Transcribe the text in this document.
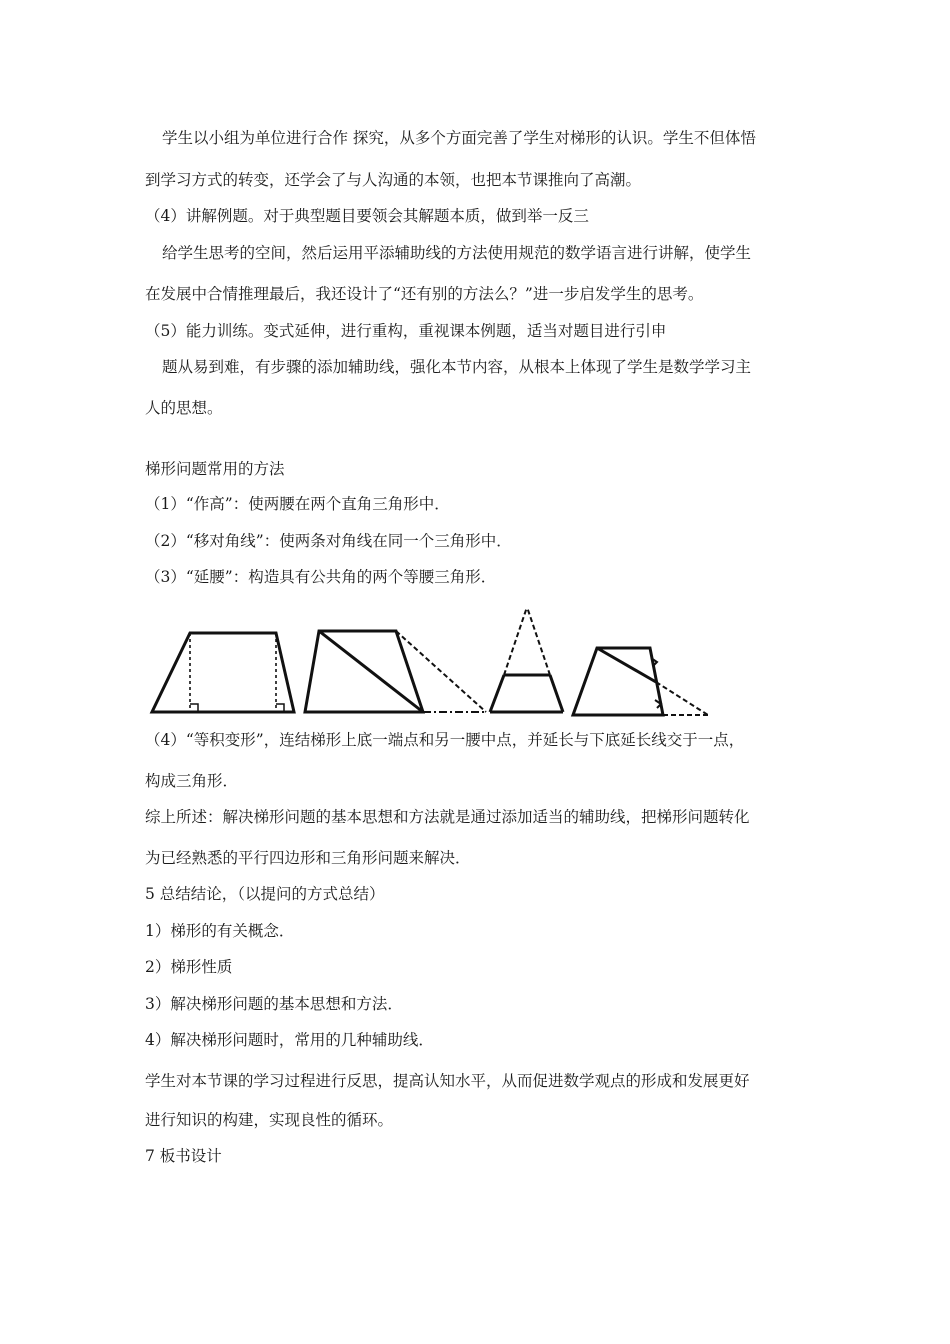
学生以小组为单位进行合作 探究，从多个方面完善了学生对梯形的认识。学生不但体悟
到学习方式的转变，还学会了与人沟通的本领，也把本节课推向了高潮。
（4）讲解例题。对于典型题目要领会其解题本质，做到举一反三
给学生思考的空间，然后运用平添辅助线的方法使用规范的数学语言进行讲解，使学生
在发展中合情推理最后，我还设计了“还有别的方法么？”进一步启发学生的思考。
（5）能力训练。变式延伸，进行重构，重视课本例题，适当对题目进行引申
题从易到难，有步骤的添加辅助线，强化本节内容，从根本上体现了学生是数学学习主
人的思想。
梯形问题常用的方法
（1）“作高”：使两腰在两个直角三角形中．
（2）“移对角线”：使两条对角线在同一个三角形中．
（3）“延腰”：构造具有公共角的两个等腰三角形．
（4）“等积变形”，连结梯形上底一端点和另一腰中点，并延长与下底延长线交于一点，
构成三角形．
综上所述：解决梯形问题的基本思想和方法就是通过添加适当的辅助线，把梯形问题转化
为已经熟悉的平行四边形和三角形问题来解决．
5 总结结论，（以提问的方式总结）
1）梯形的有关概念．
2）梯形性质
3）解决梯形问题的基本思想和方法．
4）解决梯形问题时，常用的几种辅助线．
学生对本节课的学习过程进行反思，提高认知水平，从而促进数学观点的形成和发展更好
进行知识的构建，实现良性的循环。
7 板书设计
